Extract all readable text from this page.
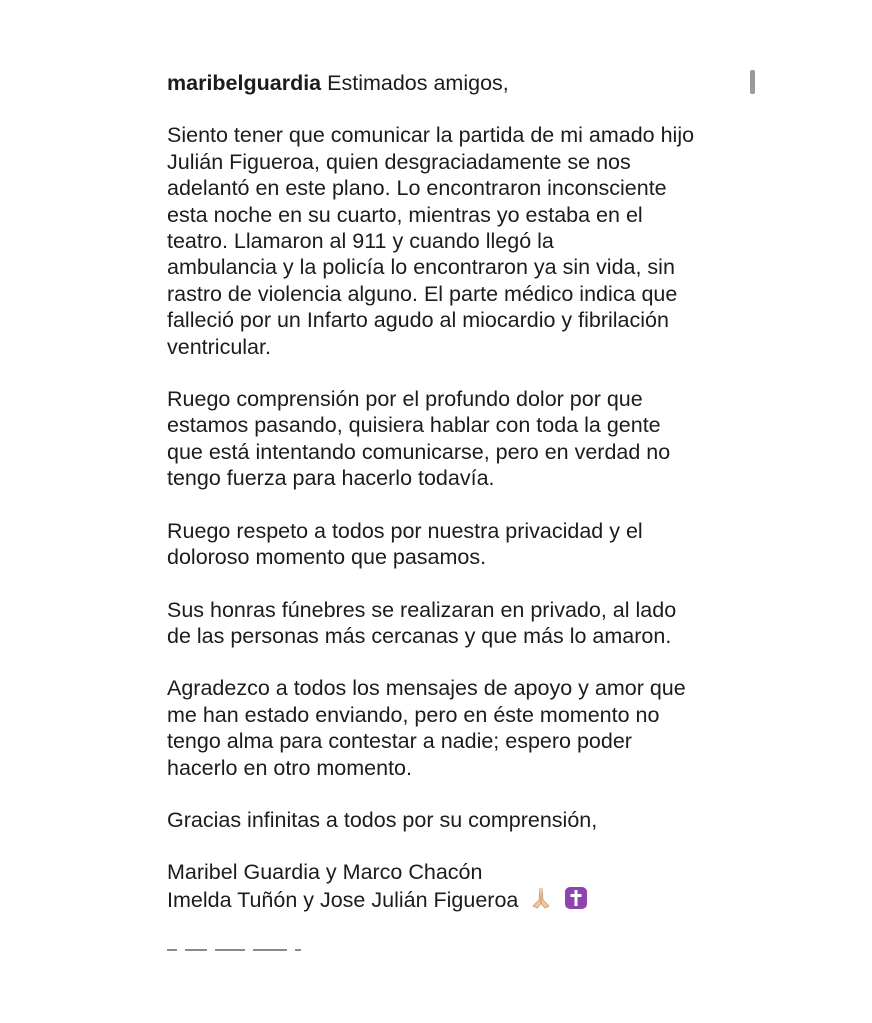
maribelguardia Estimados amigos,
Siento tener que comunicar la partida de mi amado hijo
Julián Figueroa, quien desgraciadamente se nos
adelantó en este plano. Lo encontraron inconsciente
esta noche en su cuarto, mientras yo estaba en el
teatro. Llamaron al 911 y cuando llegó la
ambulancia y la policía lo encontraron ya sin vida, sin
rastro de violencia alguno. El parte médico indica que
falleció por un Infarto agudo al miocardio y fibrilación
ventricular.
Ruego comprensión por el profundo dolor por que
estamos pasando, quisiera hablar con toda la gente
que está intentando comunicarse, pero en verdad no
tengo fuerza para hacerlo todavía.
Ruego respeto a todos por nuestra privacidad y el
doloroso momento que pasamos.
Sus honras fúnebres se realizaran en privado, al lado
de las personas más cercanas y que más lo amaron.
Agradezco a todos los mensajes de apoyo y amor que
me han estado enviando, pero en éste momento no
tengo alma para contestar a nadie; espero poder
hacerlo en otro momento.
Gracias infinitas a todos por su comprensión,
Maribel Guardia y Marco Chacón
Imelda Tuñón y Jose Julián Figueroa
